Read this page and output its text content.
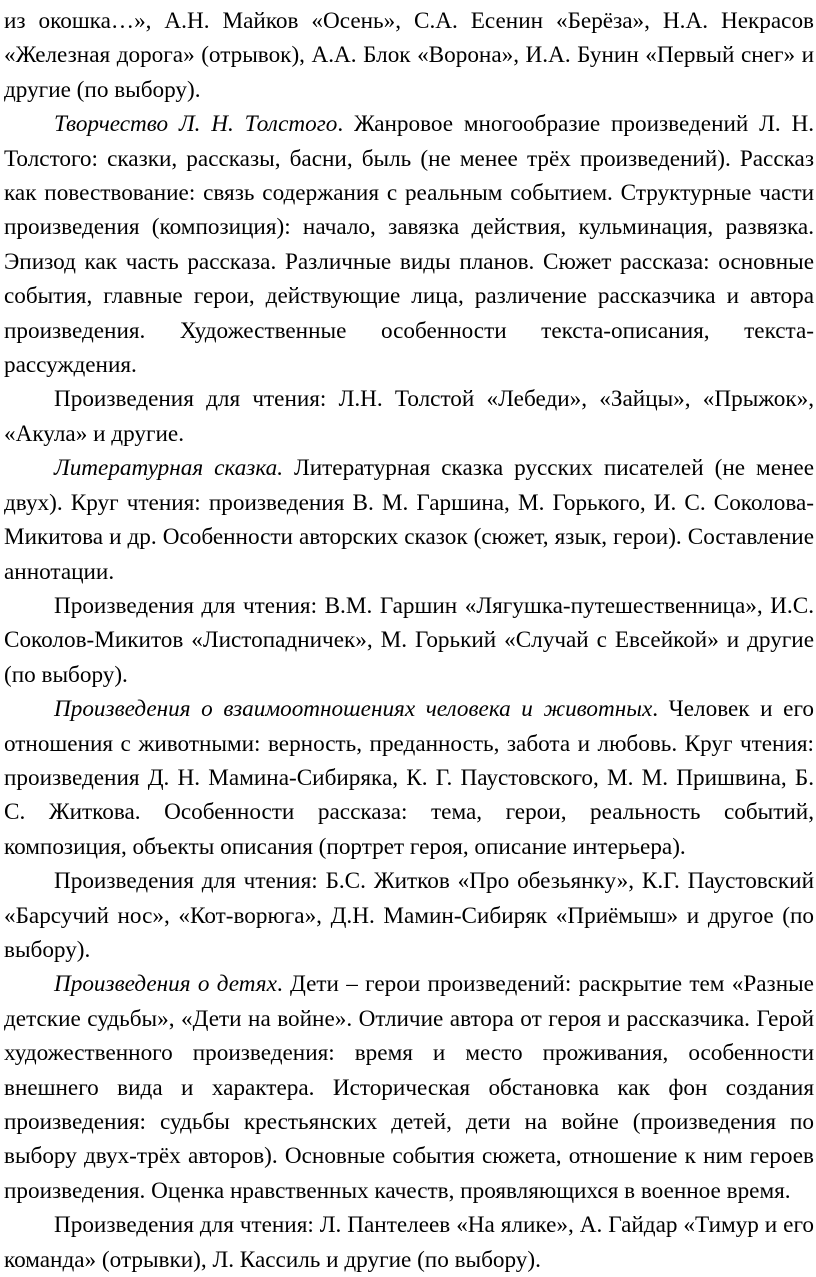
из окошка…», А.Н. Майков «Осень», С.А. Есенин «Берёза», Н.А. Некрасов «Железная дорога» (отрывок), А.А. Блок «Ворона», И.А. Бунин «Первый снег» и другие (по выбору).

Творчество Л. Н. Толстого. Жанровое многообразие произведений Л. Н. Толстого: сказки, рассказы, басни, быль (не менее трёх произведений). Рассказ как повествование: связь содержания с реальным событием. Структурные части произведения (композиция): начало, завязка действия, кульминация, развязка. Эпизод как часть рассказа. Различные виды планов. Сюжет рассказа: основные события, главные герои, действующие лица, различение рассказчика и автора произведения. Художественные особенности текста-описания, текста-рассуждения.

Произведения для чтения: Л.Н. Толстой «Лебеди», «Зайцы», «Прыжок», «Акула» и другие.

Литературная сказка. Литературная сказка русских писателей (не менее двух). Круг чтения: произведения В. М. Гаршина, М. Горького, И. С. Соколова-Микитова и др. Особенности авторских сказок (сюжет, язык, герои). Составление аннотации.

Произведения для чтения: В.М. Гаршин «Лягушка-путешественница», И.С. Соколов-Микитов «Листопадничек», М. Горький «Случай с Евсейкой» и другие (по выбору).

Произведения о взаимоотношениях человека и животных. Человек и его отношения с животными: верность, преданность, забота и любовь. Круг чтения: произведения Д. Н. Мамина-Сибиряка, К. Г. Паустовского, М. М. Пришвина, Б. С. Житкова. Особенности рассказа: тема, герои, реальность событий, композиция, объекты описания (портрет героя, описание интерьера).

Произведения для чтения: Б.С. Житков «Про обезьянку», К.Г. Паустовский «Барсучий нос», «Кот-ворюга», Д.Н. Мамин-Сибиряк «Приёмыш» и другое (по выбору).

Произведения о детях. Дети – герои произведений: раскрытие тем «Разные детские судьбы», «Дети на войне». Отличие автора от героя и рассказчика. Герой художественного произведения: время и место проживания, особенности внешнего вида и характера. Историческая обстановка как фон создания произведения: судьбы крестьянских детей, дети на войне (произведения по выбору двух-трёх авторов). Основные события сюжета, отношение к ним героев произведения. Оценка нравственных качеств, проявляющихся в военное время.

Произведения для чтения: Л. Пантелеев «На ялике», А. Гайдар «Тимур и его команда» (отрывки), Л. Кассиль и другие (по выбору).
